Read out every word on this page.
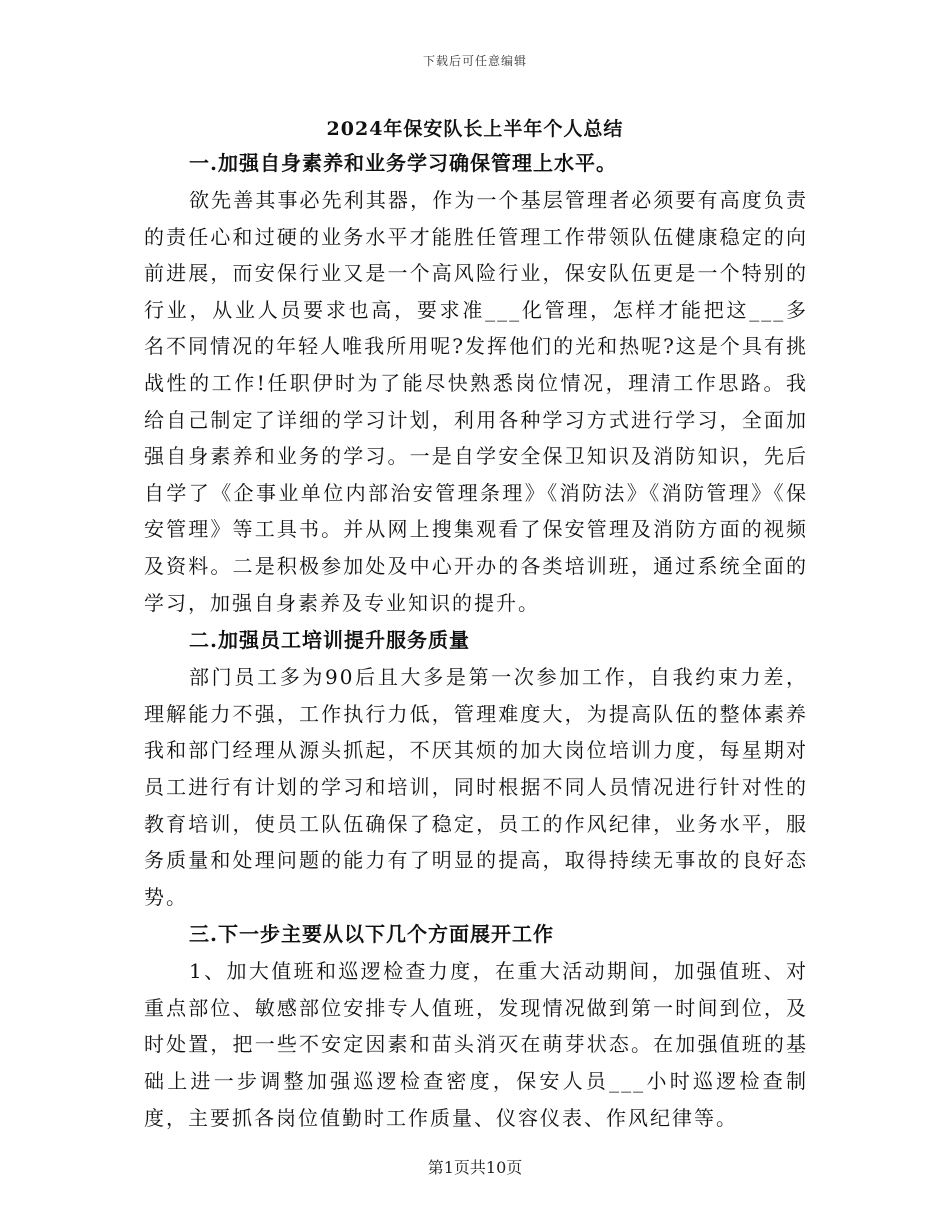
下载后可任意编辑
2024年保安队长上半年个人总结
一.加强自身素养和业务学习确保管理上水平。

欲先善其事必先利其器，作为一个基层管理者必须要有高度负责的责任心和过硬的业务水平才能胜任管理工作带领队伍健康稳定的向前进展，而安保行业又是一个高风险行业，保安队伍更是一个特别的行业，从业人员要求也高，要求准___化管理，怎样才能把这___多名不同情况的年轻人唯我所用呢?发挥他们的光和热呢?这是个具有挑战性的工作!任职伊时为了能尽快熟悉岗位情况，理清工作思路。我给自己制定了详细的学习计划，利用各种学习方式进行学习，全面加强自身素养和业务的学习。一是自学安全保卫知识及消防知识，先后自学了《企事业单位内部治安管理条理》《消防法》《消防管理》《保安管理》等工具书。并从网上搜集观看了保安管理及消防方面的视频及资料。二是积极参加处及中心开办的各类培训班，通过系统全面的学习，加强自身素养及专业知识的提升。

二.加强员工培训提升服务质量

部门员工多为90后且大多是第一次参加工作，自我约束力差，理解能力不强，工作执行力低，管理难度大，为提高队伍的整体素养我和部门经理从源头抓起，不厌其烦的加大岗位培训力度，每星期对员工进行有计划的学习和培训，同时根据不同人员情况进行针对性的教育培训，使员工队伍确保了稳定，员工的作风纪律，业务水平，服务质量和处理问题的能力有了明显的提高，取得持续无事故的良好态势。

三.下一步主要从以下几个方面展开工作

1、加大值班和巡逻检查力度，在重大活动期间，加强值班、对重点部位、敏感部位安排专人值班，发现情况做到第一时间到位，及时处置，把一些不安定因素和苗头消灭在萌芽状态。在加强值班的基础上进一步调整加强巡逻检查密度，保安人员___小时巡逻检查制度，主要抓各岗位值勤时工作质量、仪容仪表、作风纪律等。

第1页共10页
